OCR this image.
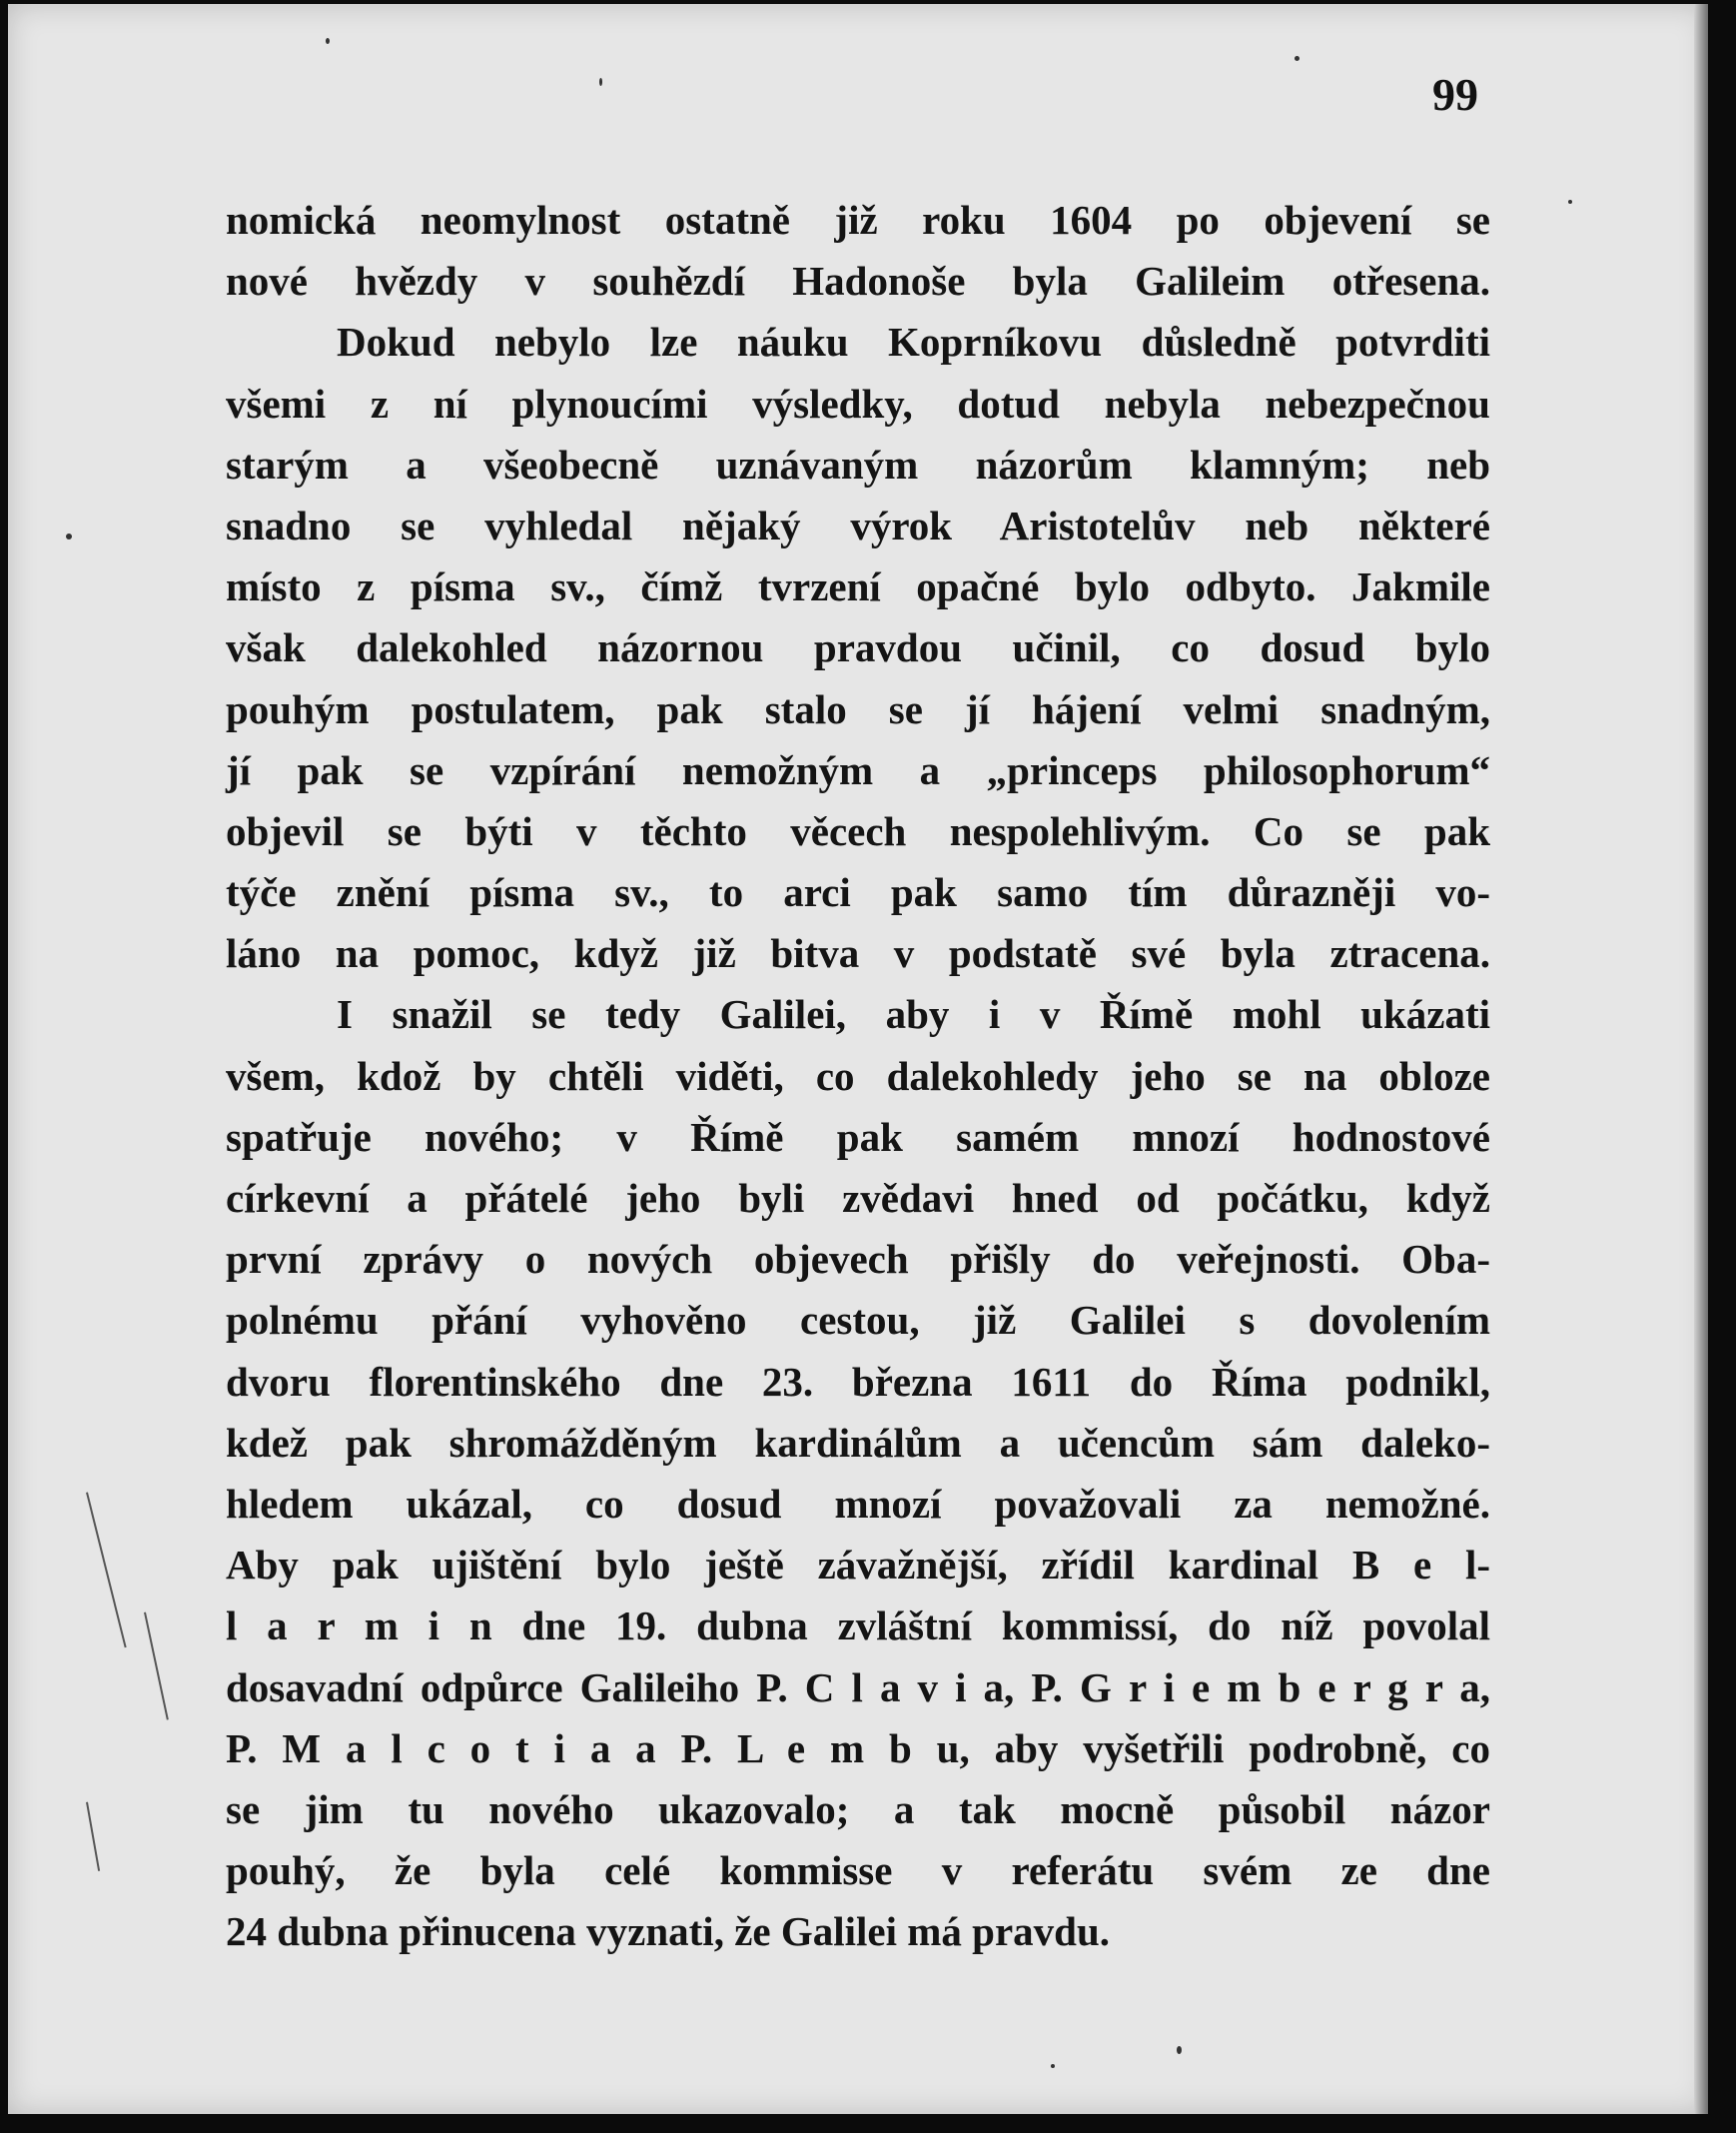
99
nomická neomylnost ostatně již roku 1604 po objevení se
nové hvězdy v souhězdí Hadonoše byla Galileim otřesena.
Dokud nebylo lze náuku Koprníkovu důsledně potvrditi
všemi z ní plynoucími výsledky, dotud nebyla nebezpečnou
starým a všeobecně uznávaným názorům klamným; neb
snadno se vyhledal nějaký výrok Aristotelův neb některé
místo z písma sv., čímž tvrzení opačné bylo odbyto. Jakmile
však dalekohled názornou pravdou učinil, co dosud bylo
pouhým postulatem, pak stalo se jí hájení velmi snadným,
jí pak se vzpírání nemožným a „princeps philosophorum“
objevil se býti v těchto věcech nespolehlivým. Co se pak
týče znění písma sv., to arci pak samo tím důrazněji vo-
láno na pomoc, když již bitva v podstatě své byla ztracena.
I snažil se tedy Galilei, aby i v Římě mohl ukázati
všem, kdož by chtěli viděti, co dalekohledy jeho se na obloze
spatřuje nového; v Římě pak samém mnozí hodnostové
církevní a přátelé jeho byli zvědavi hned od počátku, když
první zprávy o nových objevech přišly do veřejnosti. Oba-
polnému přání vyhověno cestou, již Galilei s dovolením
dvoru florentinského dne 23. března 1611 do Říma podnikl,
kdež pak shromážděným kardinálům a učencům sám daleko-
hledem ukázal, co dosud mnozí považovali za nemožné.
Aby pak ujištění bylo ještě závažnější, zřídil kardinal B e l-
l a r m i n dne 19. dubna zvláštní kommissí, do níž povolal
dosavadní odpůrce Galileiho P. C l a v i a, P. G r i e m b e r g r a,
P. M a l c o t i a a P. L e m b u, aby vyšetřili podrobně, co
se jim tu nového ukazovalo; a tak mocně působil názor
pouhý, že byla celé kommisse v referátu svém ze dne
24 dubna přinucena vyznati, že Galilei má pravdu.
